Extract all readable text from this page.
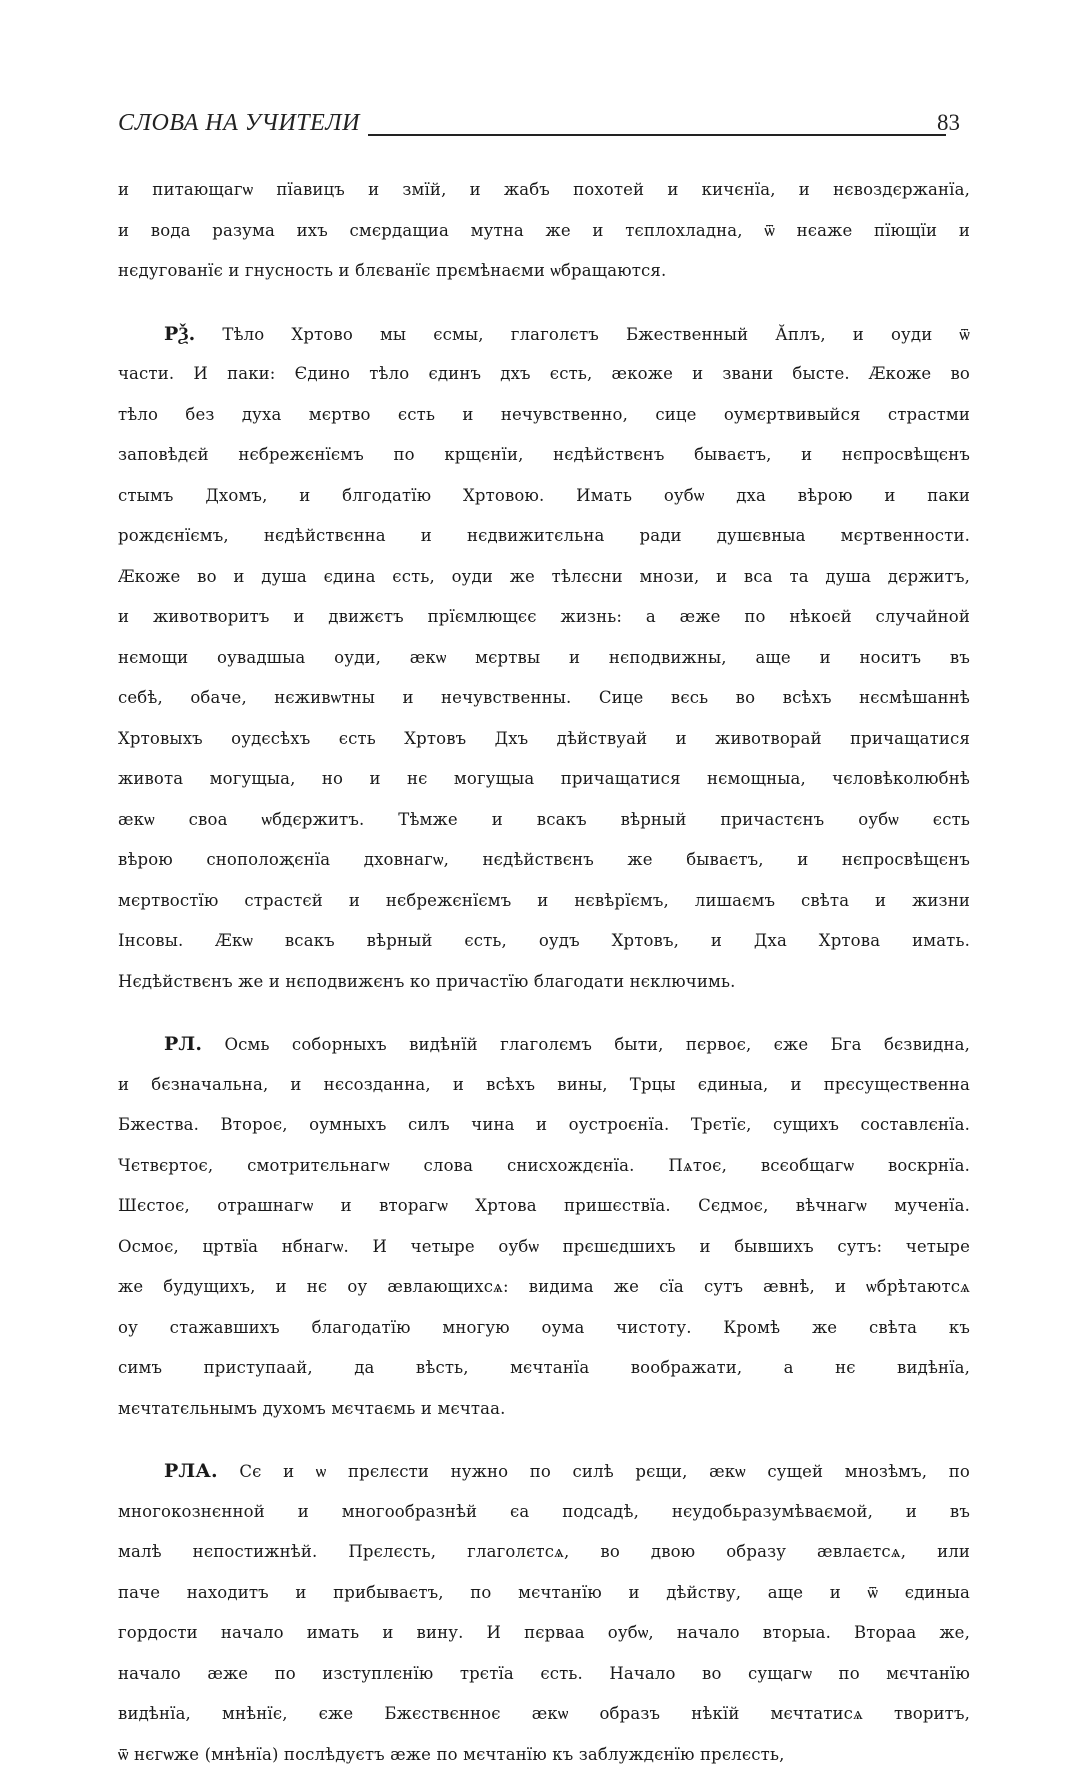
СЛОВА НА УЧИТЕЛИ	83
и питающагѡ пїавицъ и змїй, и жабъ похотей и кичєнїа, и нєвоздєржанїа,
и вода разума ихъ смєрдащиа мутна же и тєплохладна, ѿ нєаже пїющїи и
нєдугованїє и гнусность и блєванїє прємѣнаєми ѡбращаются.
РѮ. Тѣло Хртово мы єсмы, глаголєтъ Бжественный Ӑплъ, и оуди ѿ
части. И паки: Єдино тѣло єдинъ дхъ єсть, ӕкоже и звани бысте. Ӕкоже во
тѣло без духа мєртво єсть и нечувственно, сице оумєртвивыйся страстми
заповѣдєй нєбрежєнїємъ по крщєнїи, нєдѣйствєнъ бываєтъ, и нєпросвѣщєнъ
стымъ Дхомъ, и блгодатїю Хртовою. Имать оубѡ дха вѣрою и паки
рождєнїємъ, нєдѣйствєнна и нєдвижитєльна ради душєвныа мєртвенности.
Ӕкоже во и душа єдина єсть, оуди же тѣлєсни мнози, и вса та душа дєржитъ,
и животворитъ и движєтъ прїємлющєє жизнь: а ӕже по нѣкоєй случайной
нємощи оувадшыа оуди, ӕкѡ мєртвы и нєподвижны, аще и носитъ въ
себѣ, обаче, нєживѡтны и нечувственны. Сице вєсь во всѣхъ нєсмѣшаннѣ
Хртовыхъ оудєсѣхъ єсть Хртовъ Дхъ дѣйствуай и животворай причащатися
живота могущыа, но и нє могущыа причащатися нємощныа, чєловѣколюбнѣ
ӕкѡ своа ѡбдєржитъ. Тѣмже и всакъ вѣрный причастєнъ оубѡ єсть
вѣрою снополоҗєнїа дховнагѡ, нєдѣйствєнъ же бываєтъ, и нєпросвѣщєнъ
мєртвостїю страстєй и нєбрежєнїємъ и нєвѣрїємъ, лишаємъ свѣта и жизни
Інсовы. Ӕкѡ всакъ вѣрный єсть, оудъ Хртовъ, и Дха Хртова имать.
Нєдѣйствєнъ же и нєподвижєнъ ко причастїю благодати нєключимь.
РЛ. Осмь соборныхъ видѣнїй глаголємъ быти, пєрвоє, єже Бга бєзвидна,
и бєзначальна, и нєсозданна, и всѣхъ вины, Трцы єдиныа, и прєсущественна
Бжества. Второє, оумныхъ силъ чина и оустроєнїа. Трєтїє, сущихъ составлєнїа.
Чєтвєртоє, смотритєльнагѡ слова снисхождєнїа. Пѧтоє, всєобщагѡ воскрнїа.
Шєстоє, отрашнагѡ и вторагѡ Хртова пришєствїа. Сєдмоє, вѣчнагѡ мученїа.
Осмоє, цртвїа нбнагѡ. И четыре оубѡ прєшєдшихъ и бывшихъ сутъ: четыре
же будущихъ, и нє оу ӕвлающихсѧ: видима же сїа сутъ ӕвнѣ, и ѡбрѣтаютсѧ
оу стажавшихъ благодатїю многую оума чистоту. Кромѣ же свѣта къ
симъ приступаай, да вѣсть, мєчтанїа воображати, а нє видѣнїа,
мєчтатєльнымъ духомъ мєчтаємь и мєчтаа.
РЛА. Сє и ѡ прєлєсти нужно по силѣ рєщи, ӕкѡ сущей мнозѣмъ, по
многокознєнной и многообразнѣй єа подсадѣ, нєудобьразумѣваємой, и въ
малѣ нєпостижнѣй. Прєлєсть, глаголєтсѧ, во двою образу ӕвлаєтсѧ, или
паче находитъ и прибываєтъ, по мєчтанїю и дѣйству, аще и ѿ єдиныа
гордости начало имать и вину. И пєрваа оубѡ, начало вторыа. Втораа же,
начало ӕже по изступлєнїю трєтїа єсть. Начало во сущагѡ по мєчтанїю
видѣнїа, мнѣнїє, єже Бжєствєнноє ӕкѡ образъ нѣкїй мєчтатисѧ творитъ,
ѿ нєгѡже (мнѣнїа) послѣдуєтъ ӕже по мєчтанїю къ заблуждєнїю прєлєсть,
